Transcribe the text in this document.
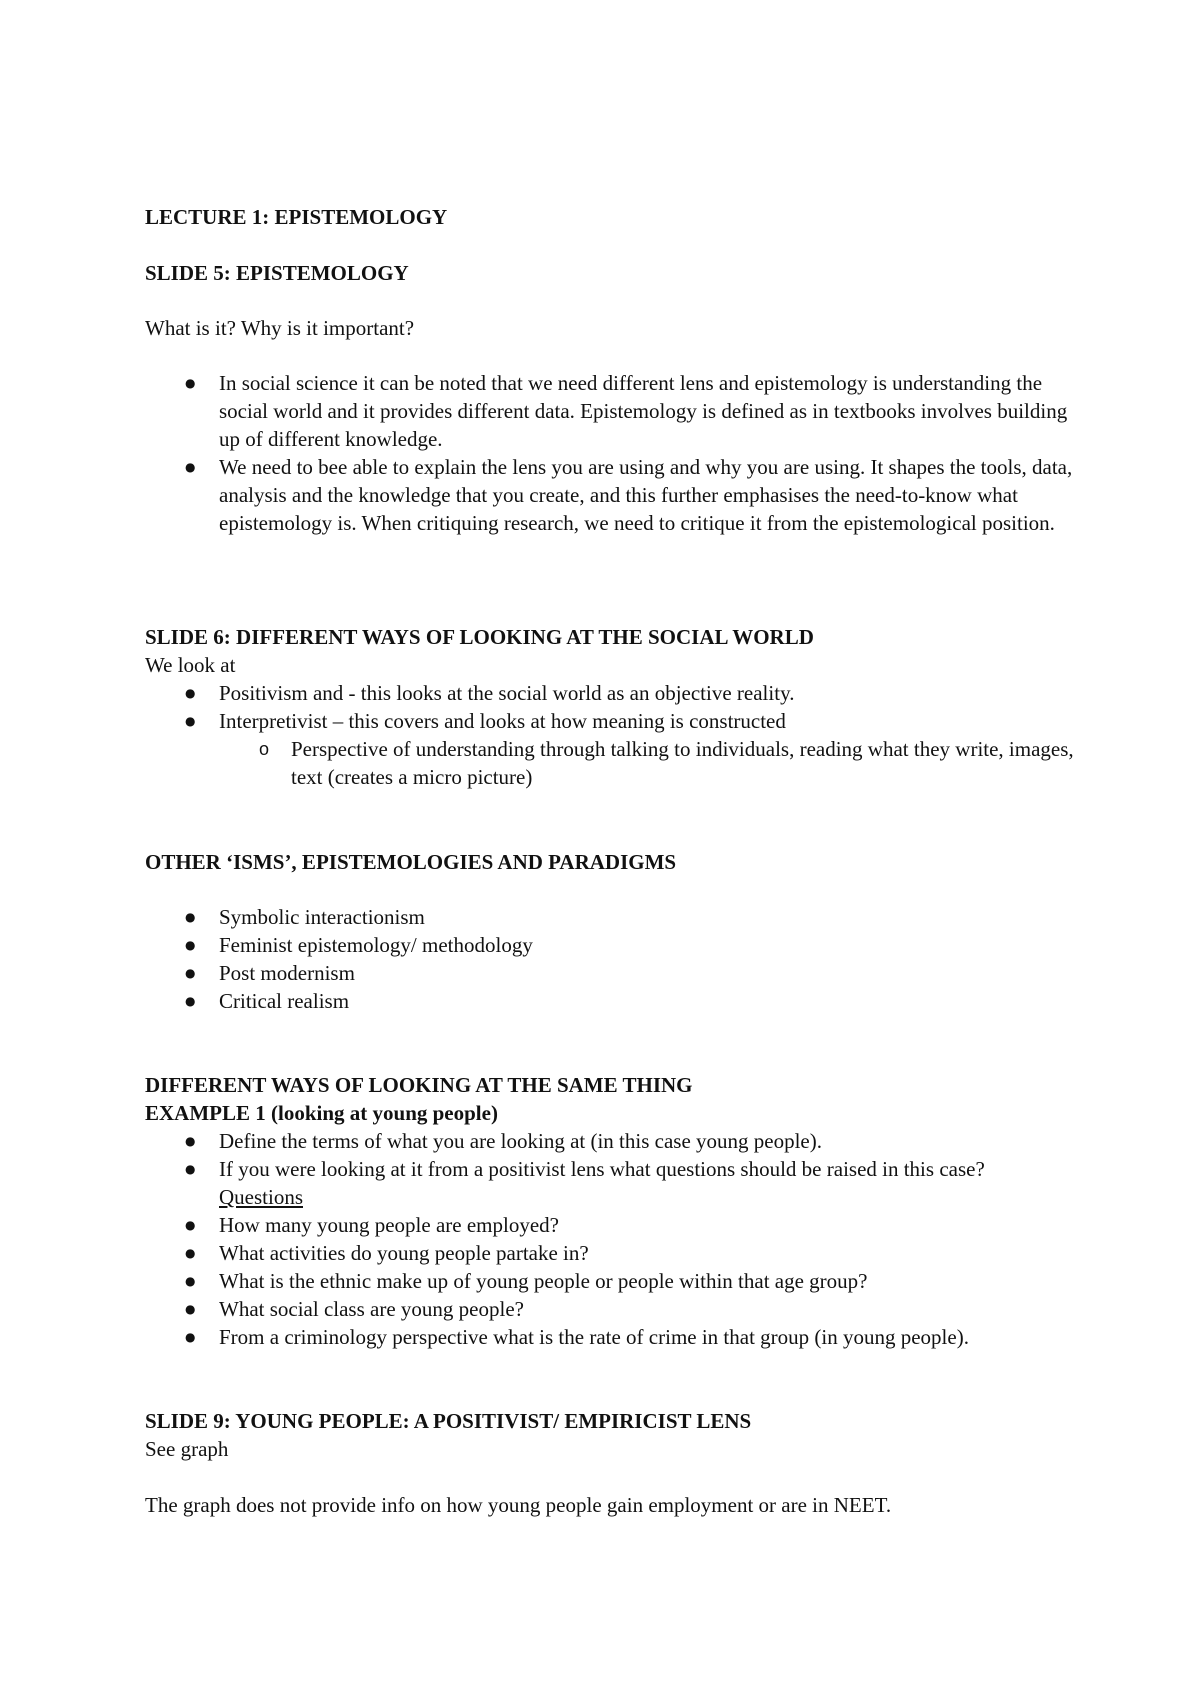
LECTURE 1: EPISTEMOLOGY

SLIDE 5: EPISTEMOLOGY

What is it? Why is it important?

● In social science it can be noted that we need different lens and epistemology is understanding the social world and it provides different data. Epistemology is defined as in textbooks involves building up of different knowledge.
● We need to bee able to explain the lens you are using and why you are using. It shapes the tools, data, analysis and the knowledge that you create, and this further emphasises the need-to-know what epistemology is. When critiquing research, we need to critique it from the epistemological position.

SLIDE 6: DIFFERENT WAYS OF LOOKING AT THE SOCIAL WORLD

We look at

● Positivism and - this looks at the social world as an objective reality.
● Interpretivist – this covers and looks at how meaning is constructed
o Perspective of understanding through talking to individuals, reading what they write, images, text (creates a micro picture)

OTHER ‘ISMS’, EPISTEMOLOGIES AND PARADIGMS

● Symbolic interactionism
● Feminist epistemology/ methodology
● Post modernism
● Critical realism

DIFFERENT WAYS OF LOOKING AT THE SAME THING

EXAMPLE 1 (looking at young people)

● Define the terms of what you are looking at (in this case young people).
● If you were looking at it from a positivist lens what questions should be raised in this case?
Questions
● How many young people are employed?
● What activities do young people partake in?
● What is the ethnic make up of young people or people within that age group?
● What social class are young people?
● From a criminology perspective what is the rate of crime in that group (in young people).

SLIDE 9: YOUNG PEOPLE: A POSITIVIST/ EMPIRICIST LENS

See graph

The graph does not provide info on how young people gain employment or are in NEET.
